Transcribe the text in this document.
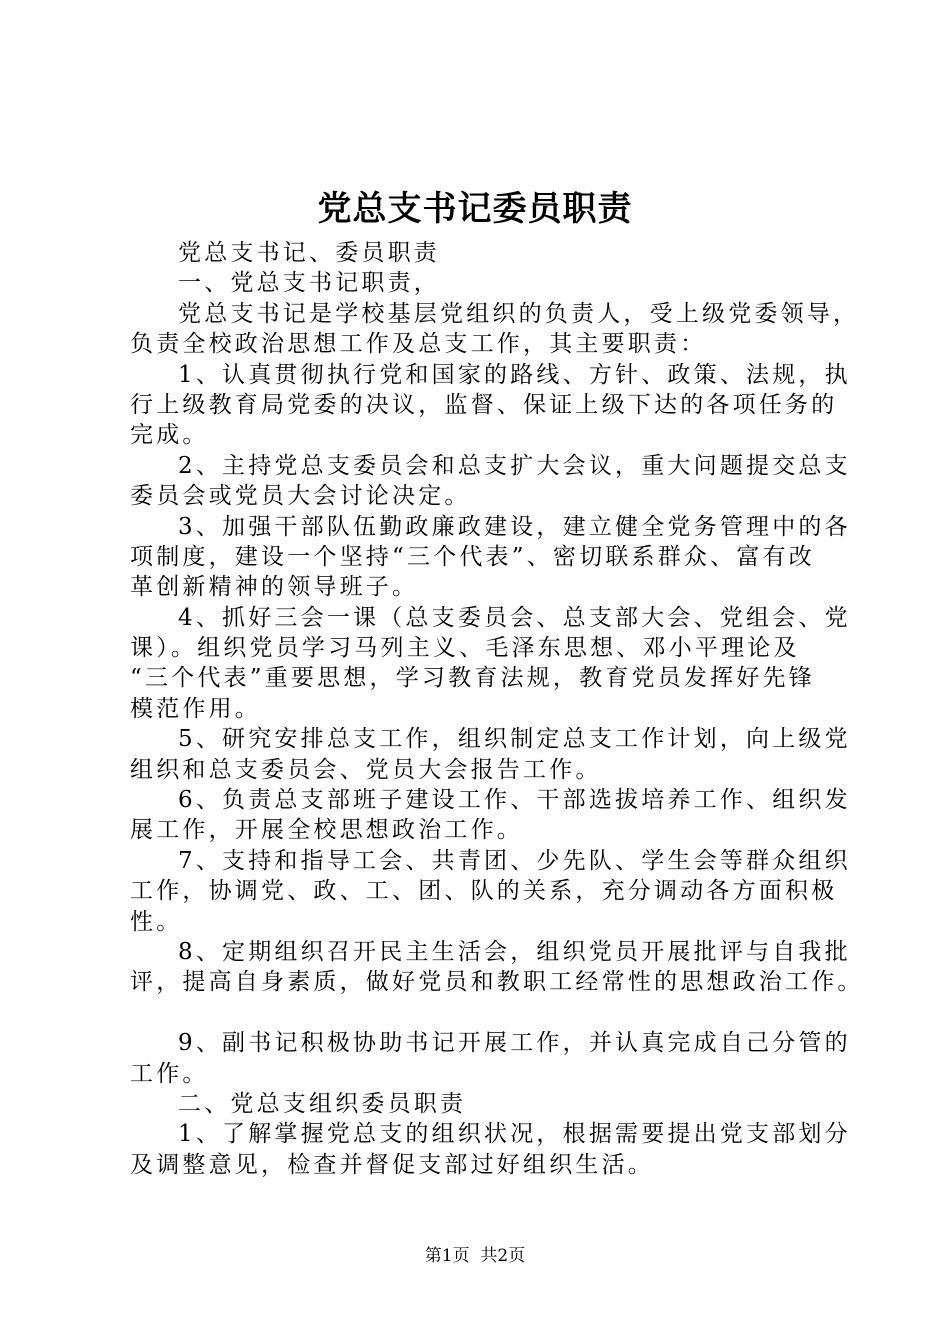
党总支书记委员职责
党总支书记、委员职责
一、党总支书记职责，
党总支书记是学校基层党组织的负责人，受上级党委领导，
负责全校政治思想工作及总支工作，其主要职责：
1、认真贯彻执行党和国家的路线、方针、政策、法规，执
行上级教育局党委的决议，监督、保证上级下达的各项任务的
完成。
2、主持党总支委员会和总支扩大会议，重大问题提交总支
委员会或党员大会讨论决定。
3、加强干部队伍勤政廉政建设，建立健全党务管理中的各
项制度，建设一个坚持“三个代表”、密切联系群众、富有改
革创新精神的领导班子。
4、抓好三会一课（总支委员会、总支部大会、党组会、党
课）。组织党员学习马列主义、毛泽东思想、邓小平理论及
“三个代表”重要思想，学习教育法规，教育党员发挥好先锋
模范作用。
5、研究安排总支工作，组织制定总支工作计划，向上级党
组织和总支委员会、党员大会报告工作。
6、负责总支部班子建设工作、干部选拔培养工作、组织发
展工作，开展全校思想政治工作。
7、支持和指导工会、共青团、少先队、学生会等群众组织
工作，协调党、政、工、团、队的关系，充分调动各方面积极
性。
8、定期组织召开民主生活会，组织党员开展批评与自我批
评，提高自身素质，做好党员和教职工经常性的思想政治工作。
9、副书记积极协助书记开展工作，并认真完成自己分管的
工作。
二、党总支组织委员职责
1、了解掌握党总支的组织状况，根据需要提出党支部划分
及调整意见，检查并督促支部过好组织生活。
第1页  共2页
